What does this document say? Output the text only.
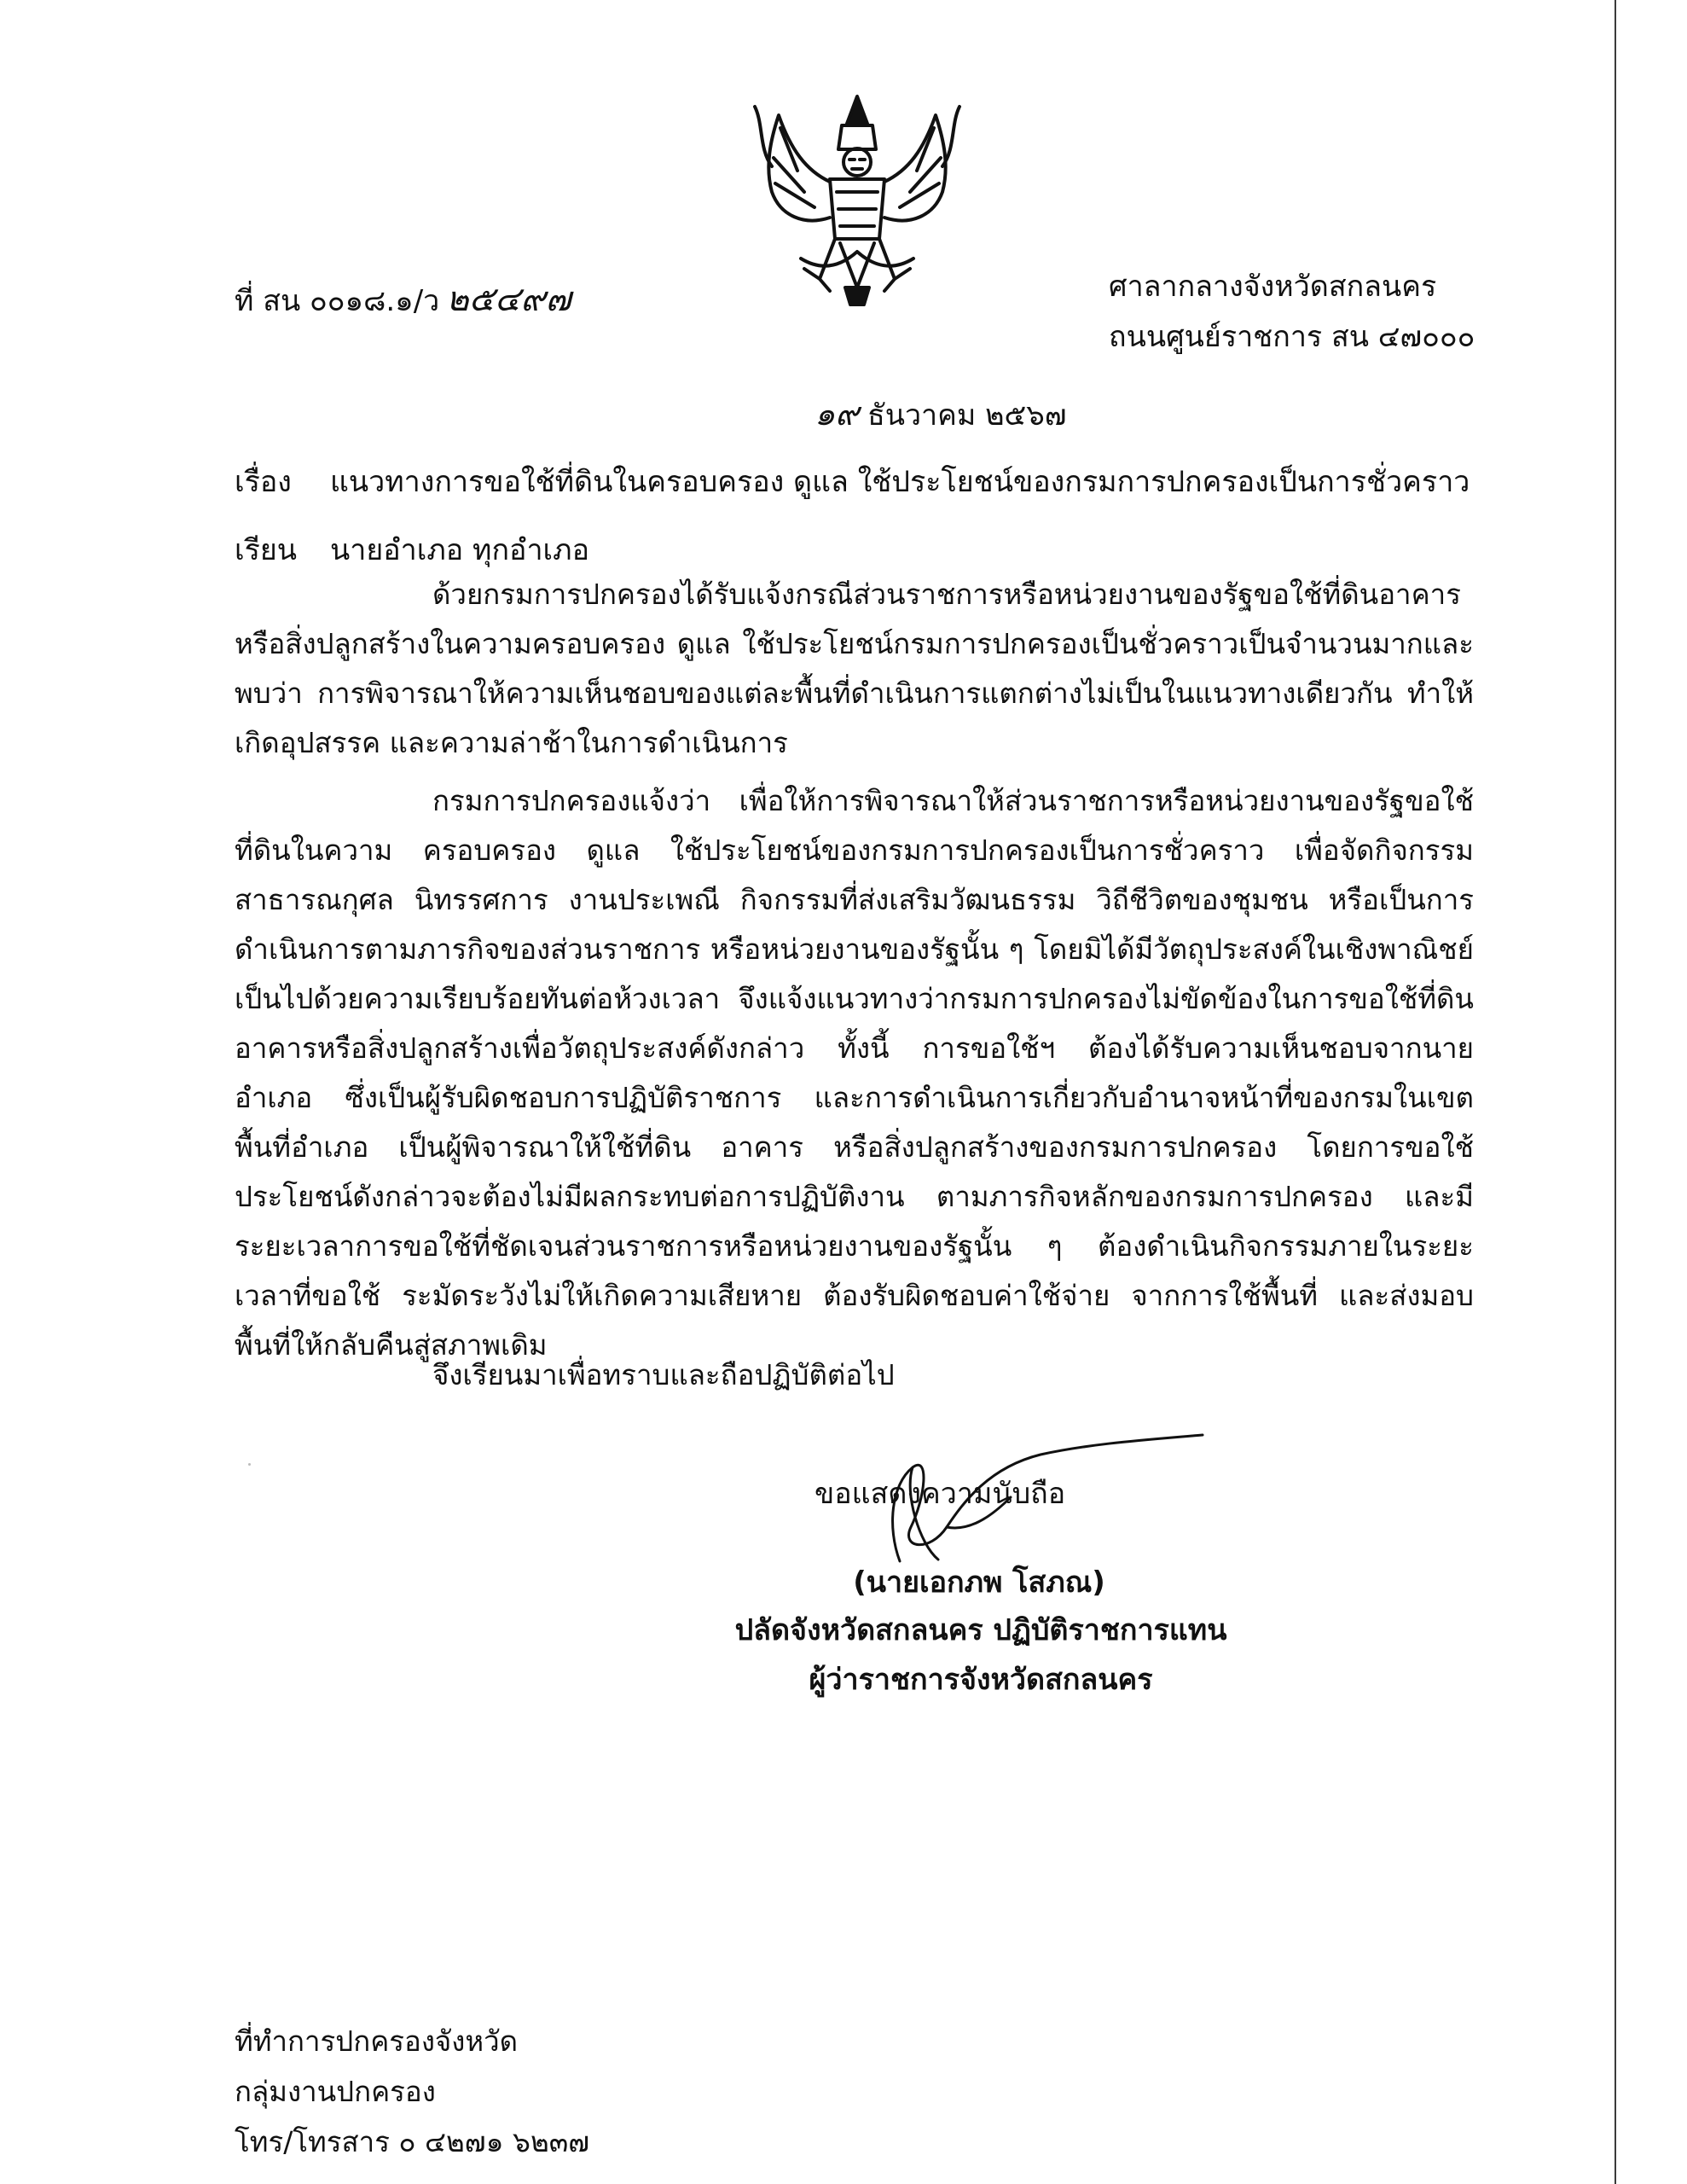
ที่ สน ๐๐๑๘.๑/ว ๒๕๔๙๗	ศาลากลางจังหวัดสกลนคร
ถนนศูนย์ราชการ สน ๔๗๐๐๐
๑๙ ธันวาคม ๒๕๖๗
เรื่อง แนวทางการขอใช้ที่ดินในครอบครอง ดูแล ใช้ประโยชน์ของกรมการปกครองเป็นการชั่วคราว
เรียน นายอำเภอ ทุกอำเภอ

ด้วยกรมการปกครองได้รับแจ้งกรณีส่วนราชการหรือหน่วยงานของรัฐขอใช้ที่ดินอาคาร หรือสิ่งปลูกสร้างในความครอบครอง ดูแล ใช้ประโยชน์กรมการปกครองเป็นชั่วคราวเป็นจำนวนมากและพบว่า การพิจารณาให้ความเห็นชอบของแต่ละพื้นที่ดำเนินการแตกต่างไม่เป็นในแนวทางเดียวกัน ทำให้เกิดอุปสรรค และความล่าช้าในการดำเนินการ

กรมการปกครองแจ้งว่า เพื่อให้การพิจารณาให้ส่วนราชการหรือหน่วยงานของรัฐขอใช้ที่ดินในความ ครอบครอง ดูแล ใช้ประโยชน์ของกรมการปกครองเป็นการชั่วคราว เพื่อจัดกิจกรรมสาธารณกุศล นิทรรศการ งานประเพณี กิจกรรมที่ส่งเสริมวัฒนธรรม วิถีชีวิตของชุมชน หรือเป็นการดำเนินการตามภารกิจของส่วนราชการ หรือหน่วยงานของรัฐนั้น ๆ โดยมิได้มีวัตถุประสงค์ในเชิงพาณิชย์ เป็นไปด้วยความเรียบร้อยทันต่อห้วงเวลา จึงแจ้งแนวทางว่ากรมการปกครองไม่ขัดข้องในการขอใช้ที่ดิน อาคารหรือสิ่งปลูกสร้างเพื่อวัตถุประสงค์ดังกล่าว ทั้งนี้ การขอใช้ฯ ต้องได้รับความเห็นชอบจากนายอำเภอ ซึ่งเป็นผู้รับผิดชอบการปฏิบัติราชการ และการดำเนินการเกี่ยวกับอำนาจหน้าที่ของกรมในเขตพื้นที่อำเภอ เป็นผู้พิจารณาให้ใช้ที่ดิน อาคาร หรือสิ่งปลูกสร้างของกรมการปกครอง โดยการขอใช้ประโยชน์ดังกล่าวจะต้องไม่มีผลกระทบต่อการปฏิบัติงาน ตามภารกิจหลักของกรมการปกครอง และมีระยะเวลาการขอใช้ที่ชัดเจนส่วนราชการหรือหน่วยงานของรัฐนั้น ๆ ต้องดำเนินกิจกรรมภายในระยะเวลาที่ขอใช้ ระมัดระวังไม่ให้เกิดความเสียหาย ต้องรับผิดชอบค่าใช้จ่าย จากการใช้พื้นที่ และส่งมอบพื้นที่ให้กลับคืนสู่สภาพเดิม

จึงเรียนมาเพื่อทราบและถือปฏิบัติต่อไป

ขอแสดงความนับถือ
(นายเอกภพ โสภณ)
ปลัดจังหวัดสกลนคร ปฏิบัติราชการแทน
ผู้ว่าราชการจังหวัดสกลนคร
ที่ทำการปกครองจังหวัด
กลุ่มงานปกครอง
โทร/โทรสาร ๐ ๔๒๗๑ ๖๒๓๗
